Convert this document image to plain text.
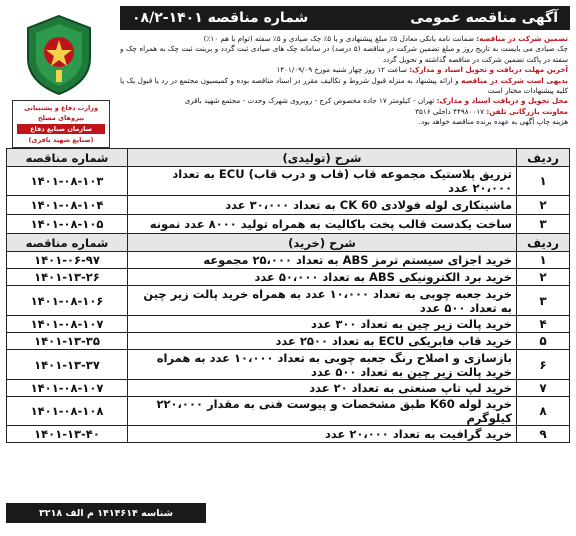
آگهی مناقصه عمومی
شماره مناقصه ۱۴۰۱-۰۸/۲

تضمین شرکت در مناقصه: ضمانت نامه بانکی معادل ۵٪ مبلغ پیشنهادی و یا ۵٪ چک صیادی و ۵٪ سفته (توام با هم ۱۰٪)

چک صیادی می بایست به تاریخ روز و مبلغ تضمین شرکت در مناقصه (۵ درصد) در سامانه چک های صیادی ثبت گردد و پرینت ثبت چک به همراه چک و سفته در پاکت تضمین شرکت در مناقصه گذاشته و تحویل گردد

آخرین مهلت دریافت و تحویل اسناد و مدارک: ساعت ۱۲ روز چهار شنبه مورخ ۱۴۰۱/۰۹/۰۹

بدیهی است شرکت در مناقصه و ارائه پیشنهاد به منزله قبول شروط و تکالیف مقرر در اسناد مناقصه بوده و کمیسیون مجتمع در رد یا قبول یک یا کلیه پیشنهادات مختار است

محل تحویل و دریافت اسناد و مدارک: تهران - کیلومتر ۱۷ جاده مخصوص کرج - روبروی شهرک وحدت - مجتمع شهید باقری

معاونت بازرگانی تلفن: ۴۴۹۸۰۰۱۷ داخلی ۳۵۱۶

هزینه چاپ آگهی به عهده برنده مناقصه خواهد بود.

وزارت دفاع و پشتیبانی نیروهای مسلح
سازمان صنایع دفاع
(صنایع شهید باقری)
ردیف	شرح (تولیدی)	شماره مناقصه
۱	تزریق پلاستیک مجموعه قاب (قاب و درب قاب) ECU به تعداد ۲۰،۰۰۰ عدد	۱۴۰۱-۰۸-۱۰۳
۲	ماشینکاری لوله فولادی CK 60 به تعداد ۳۰،۰۰۰ عدد	۱۴۰۱-۰۸-۱۰۴
۳	ساخت یکدست قالب پخت باکالیت به همراه تولید ۸۰۰۰ عدد نمونه	۱۴۰۱-۰۸-۱۰۵
ردیف	شرح (خرید)	شماره مناقصه
۱	خرید اجزای سیستم ترمز ABS به تعداد ۲۵،۰۰۰ مجموعه	۱۴۰۱-۰۶-۹۷
۲	خرید برد الکترونیکی ABS به تعداد ۵۰،۰۰۰ عدد	۱۴۰۱-۱۳-۲۶
۳	خرید جعبه چوبی به تعداد ۱۰،۰۰۰ عدد به همراه خرید پالت زیر چین به تعداد ۵۰۰ عدد	۱۴۰۱-۰۸-۱۰۶
۴	خرید پالت زیر چین به تعداد ۳۰۰ عدد	۱۴۰۱-۰۸-۱۰۷
۵	خرید قاب فابریکی ECU به تعداد ۲۵۰۰ عدد	۱۴۰۱-۱۳-۳۵
۶	بازسازی و اصلاح رنگ جعبه چوبی به تعداد ۱۰،۰۰۰ عدد به همراه خرید پالت زیر چین به تعداد ۵۰۰ عدد	۱۴۰۱-۱۳-۳۷
۷	خرید لپ تاپ صنعتی به تعداد ۲۰ عدد	۱۴۰۱-۰۸-۱۰۷
۸	خرید لوله K60 طبق مشخصات و پیوست فنی به مقدار ۲۲۰،۰۰۰ کیلوگرم	۱۴۰۱-۰۸-۱۰۸
۹	خرید گرافیت به تعداد ۲۰،۰۰۰ عدد	۱۴۰۱-۱۳-۴۰
شناسه ۱۴۱۴۶۱۴ م الف ۳۲۱۸
